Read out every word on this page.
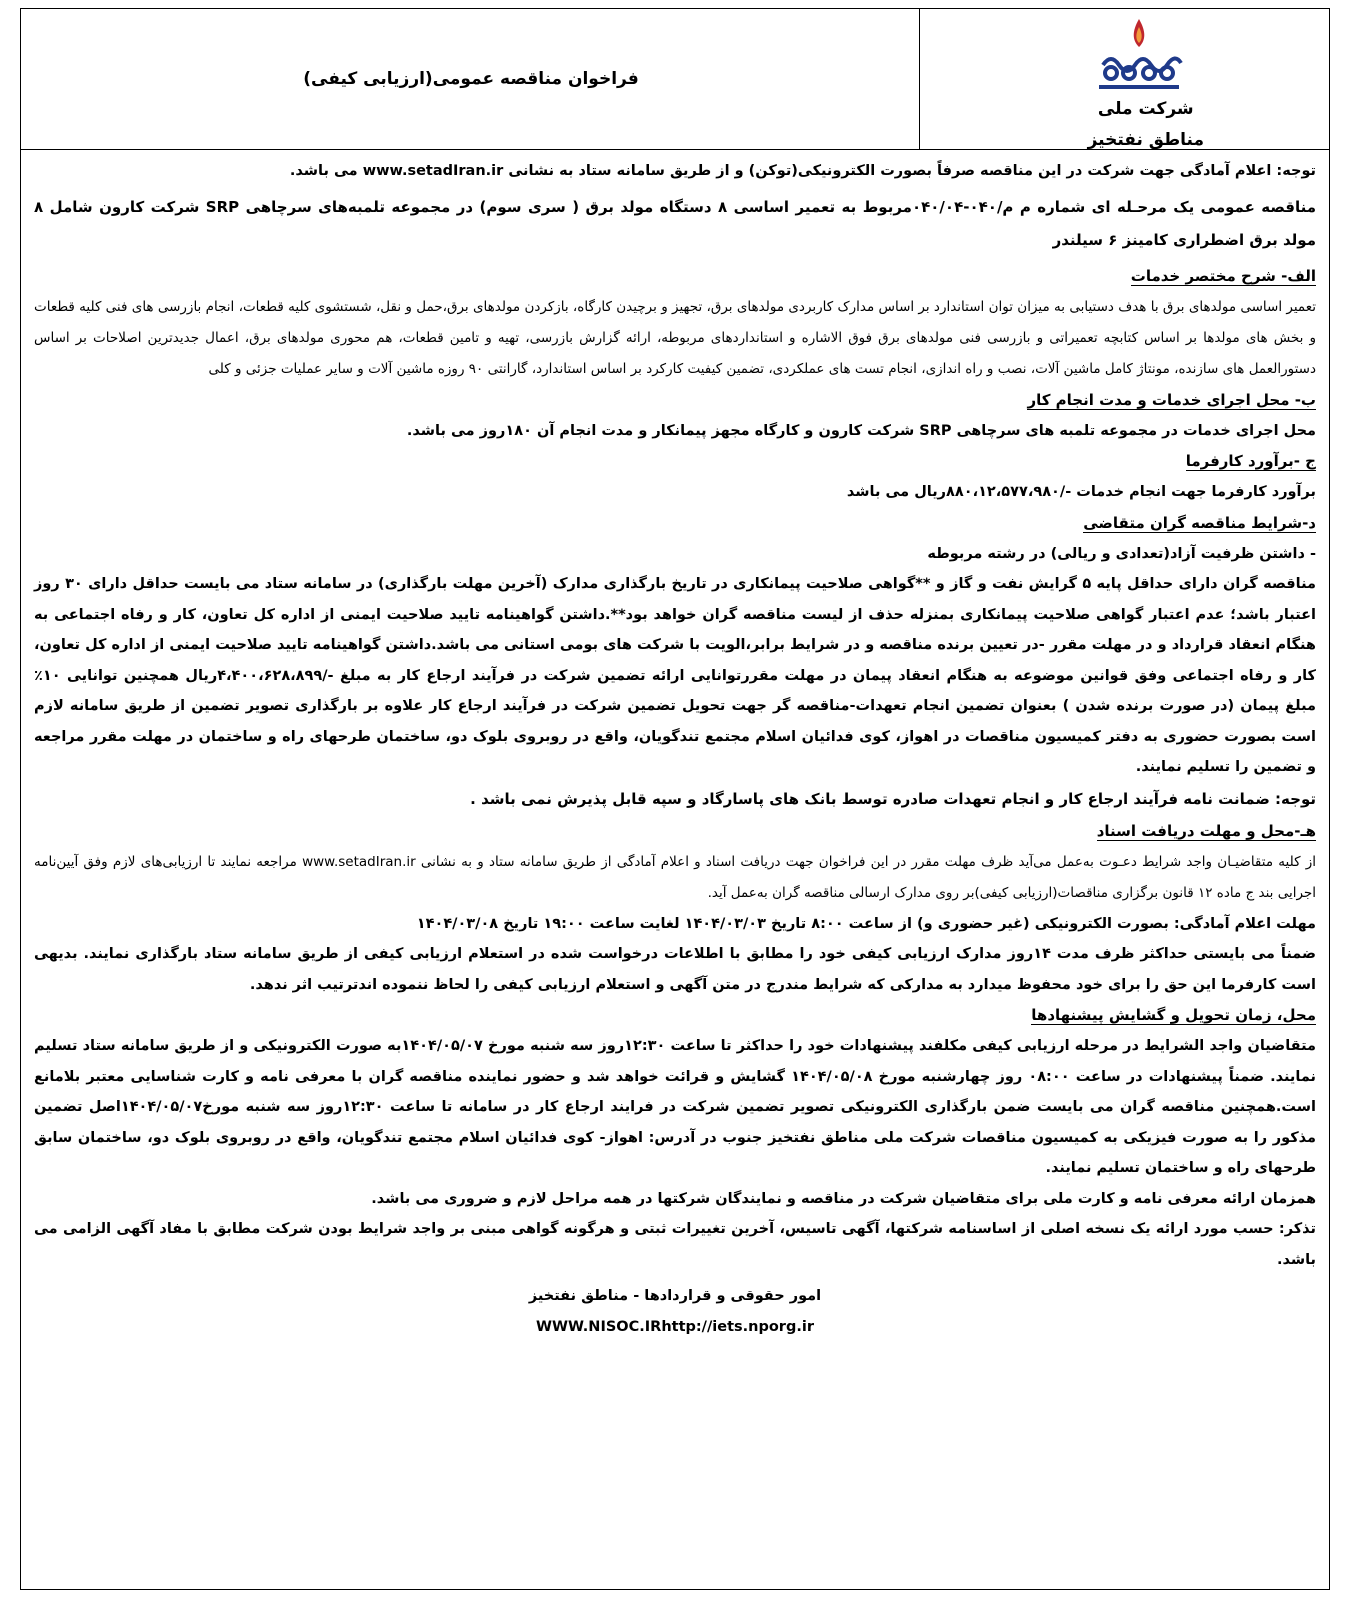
شرکت ملی
مناطق نفتخیز
فراخوان مناقصه عمومی(ارزیابی کیفی)

توجه: اعلام آمادگی جهت شرکت در این مناقصه صرفاً بصورت الکترونیکی(توکن) و از طریق سامانه ستاد به نشانی www.setadIran.ir می باشد.

مناقصه عمومی یک مرحـله ای شماره م م/۰۴۰-۰۴۰/۰۴مربوط به تعمیر اساسی ۸ دستگاه مولد برق ( سری سوم) در مجموعه تلمبه‌های سرچاهی SRP شرکت کارون شامل ۸ مولد برق اضطراری کامینز ۶ سیلندر

الف- شرح مختصر خدمات

تعمیر اساسی مولدهای برق با هدف دستیابی به میزان توان استاندارد بر اساس مدارک کاربردی مولدهای برق، تجهیز و برچیدن کارگاه، بازکردن مولدهای برق،حمل و نقل، شستشوی کلیه قطعات، انجام بازرسی های فنی کلیه قطعات و بخش های مولدها بر اساس کتابچه تعمیراتی و بازرسی فنی مولدهای برق فوق الاشاره و استانداردهای مربوطه، ارائه گزارش بازرسی، تهیه و تامین قطعات، هم محوری مولدهای برق، اعمال جدیدترین اصلاحات بر اساس دستورالعمل های سازنده، مونتاژ کامل ماشین آلات، نصب و راه اندازی، انجام تست های عملکردی، تضمین کیفیت کارکرد بر اساس استاندارد، گارانتی ۹۰ روزه ماشین آلات و سایر عملیات جزئی و کلی

ب- محل اجرای خدمات و مدت انجام کار

محل اجرای خدمات در مجموعه تلمبه های سرچاهی SRP شرکت کارون و کارگاه مجهز پیمانکار و مدت انجام آن ۱۸۰روز می باشد.

ج -برآورد کارفرما

برآورد کارفرما جهت انجام خدمات -/۸۸۰،۱۲،۵۷۷،۹۸۰ریال می باشد

د-شرایط مناقصه گران متقاضی

- داشتن ظرفیت آزاد(تعدادی و ریالی) در رشته مربوطه

مناقصه گران دارای حداقل پایه ۵ گرایش نفت و گاز و **گواهی صلاحیت پیمانکاری در تاریخ بارگذاری مدارک (آخرین مهلت بارگذاری) در سامانه ستاد می بایست حداقل دارای ۳۰ روز اعتبار باشد؛ عدم اعتبار گواهی صلاحیت پیمانکاری بمنزله حذف از لیست مناقصه گران خواهد بود**.داشتن گواهینامه تایید صلاحیت ایمنی از اداره کل تعاون، کار و رفاه اجتماعی به هنگام انعقاد قرارداد و در مهلت مقرر -در تعیین برنده مناقصه و در شرایط برابر،الویت با شرکت های بومی استانی می باشد.داشتن گواهینامه تایید صلاحیت ایمنی از اداره کل تعاون، کار و رفاه اجتماعی وفق قوانین موضوعه به هنگام انعقاد پیمان در مهلت مقررتوانایی ارائه تضمین شرکت در فرآیند ارجاع کار به مبلغ -/۴،۴۰۰،۶۲۸،۸۹۹ریال همچنین توانایی ۱۰٪ مبلغ پیمان (در صورت برنده شدن ) بعنوان تضمین انجام تعهدات-مناقصه گر جهت تحویل تضمین شرکت در فرآیند ارجاع کار علاوه بر بارگذاری تصویر تضمین از طریق سامانه لازم است بصورت حضوری به دفتر کمیسیون مناقصات در اهواز، کوی فدائیان اسلام مجتمع تندگویان، واقع در روبروی بلوک دو، ساختمان طرحهای راه و ساختمان در مهلت مقرر مراجعه و تضمین را تسلیم نمایند.

توجه: ضمانت نامه فرآیند ارجاع کار و انجام تعهدات صادره توسط بانک های پاسارگاد و سپه قابل پذیرش نمی باشد .

هـ-محل و مهلت دریافت اسناد

از کلیه متقاضیـان واجد شرایط دعـوت به‌عمل می‌آید ظرف مهلت مقرر در این فراخوان جهت دریافت اسناد و اعلام آمادگی از طریق سامانه ستاد و به نشانی www.setadIran.ir مراجعه نمایند تا ارزیابی‌های لازم وفق آیین‌نامه اجرایی بند ج ماده ۱۲ قانون برگزاری مناقصات(ارزیابی کیفی)بر روی مدارک ارسالی مناقصه گران به‌عمل آید.

مهلت اعلام آمادگی: بصورت الکترونیکی (غیر حضوری و) از ساعت ۸:۰۰ تاریخ ۱۴۰۴/۰۳/۰۳ لغایت ساعت ۱۹:۰۰ تاریخ ۱۴۰۴/۰۳/۰۸

ضمناً می بایستی حداکثر ظرف مدت ۱۴روز مدارک ارزیابی کیفی خود را مطابق با اطلاعات درخواست شده در استعلام ارزیابی کیفی از طریق سامانه ستاد بارگذاری نمایند. بدیهی است کارفرما این حق را برای خود محفوظ میدارد به مدارکی که شرایط مندرج در متن آگهی و استعلام ارزیابی کیفی را لحاظ ننموده اندترتیب اثر ندهد.

محل، زمان تحویل و گشایش پیشنهادها

متقاضیان واجد الشرایط در مرحله ارزیابی کیفی مکلفند پیشنهادات خود را حداکثر تا ساعت ۱۲:۳۰روز سه شنبه مورخ ۱۴۰۴/۰۵/۰۷به صورت الکترونیکی و از طریق سامانه ستاد تسلیم نمایند. ضمناً پیشنهادات در ساعت ۰۸:۰۰ روز چهارشنبه مورخ ۱۴۰۴/۰۵/۰۸ گشایش و قرائت خواهد شد و حضور نماینده مناقصه گران با معرفی نامه و کارت شناسایی معتبر بلامانع است.همچنین مناقصه گران می بایست ضمن بارگذاری الکترونیکی تصویر تضمین شرکت در فرایند ارجاع کار در سامانه تا ساعت ۱۲:۳۰روز سه شنبه مورخ۱۴۰۴/۰۵/۰۷اصل تضمین مذکور را به صورت فیزیکی به کمیسیون مناقصات شرکت ملی مناطق نفتخیز جنوب در آدرس: اهواز- کوی فدائیان اسلام مجتمع تندگویان، واقع در روبروی بلوک دو، ساختمان سابق طرحهای راه و ساختمان تسلیم نمایند.

همزمان ارائه معرفی نامه و کارت ملی برای متقاضیان شرکت در مناقصه و نمایندگان شرکتها در همه مراحل لازم و ضروری می باشد.

تذکر: حسب مورد ارائه یک نسخه اصلی از اساسنامه شرکتها، آگهی تاسیس، آخرین تغییرات ثبتی و هرگونه گواهی مبنی بر واجد شرایط بودن شرکت مطابق با مفاد آگهی الزامی می باشد.

امور حقوقی و قراردادها - مناطق نفتخیز

WWW.NISOC.IRhttp://iets.nporg.ir
